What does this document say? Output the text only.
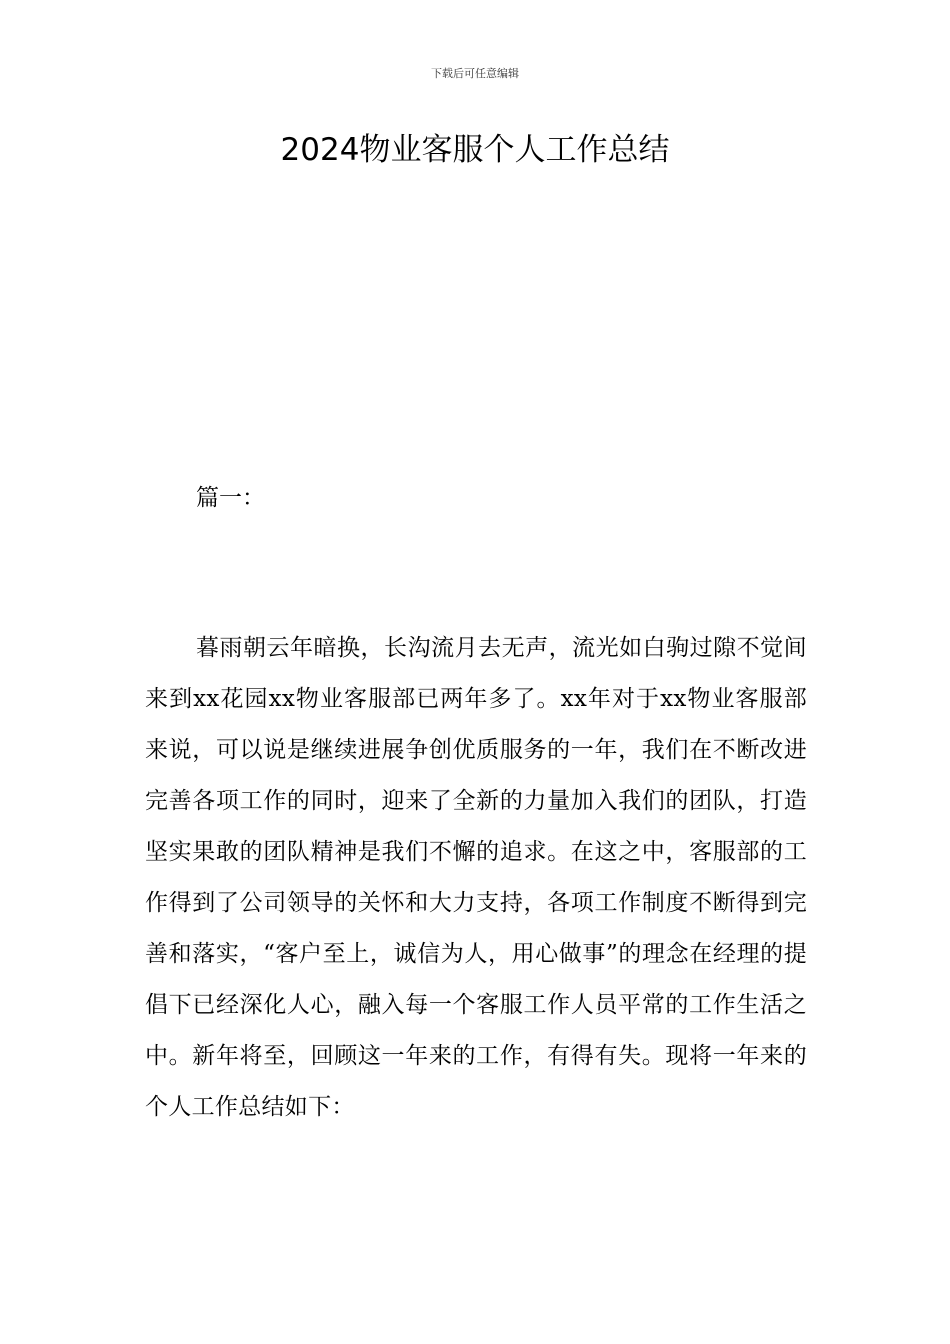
下载后可任意编辑
2024物业客服个人工作总结
篇一：

暮雨朝云年暗换，长沟流月去无声，流光如白驹过隙不觉间来到xx花园xx物业客服部已两年多了。xx年对于xx物业客服部来说，可以说是继续进展争创优质服务的一年，我们在不断改进完善各项工作的同时，迎来了全新的力量加入我们的团队，打造坚实果敢的团队精神是我们不懈的追求。在这之中，客服部的工作得到了公司领导的关怀和大力支持，各项工作制度不断得到完善和落实，“客户至上，诚信为人，用心做事”的理念在经理的提倡下已经深化人心，融入每一个客服工作人员平常的工作生活之中。新年将至，回顾这一年来的工作，有得有失。现将一年来的个人工作总结如下：
